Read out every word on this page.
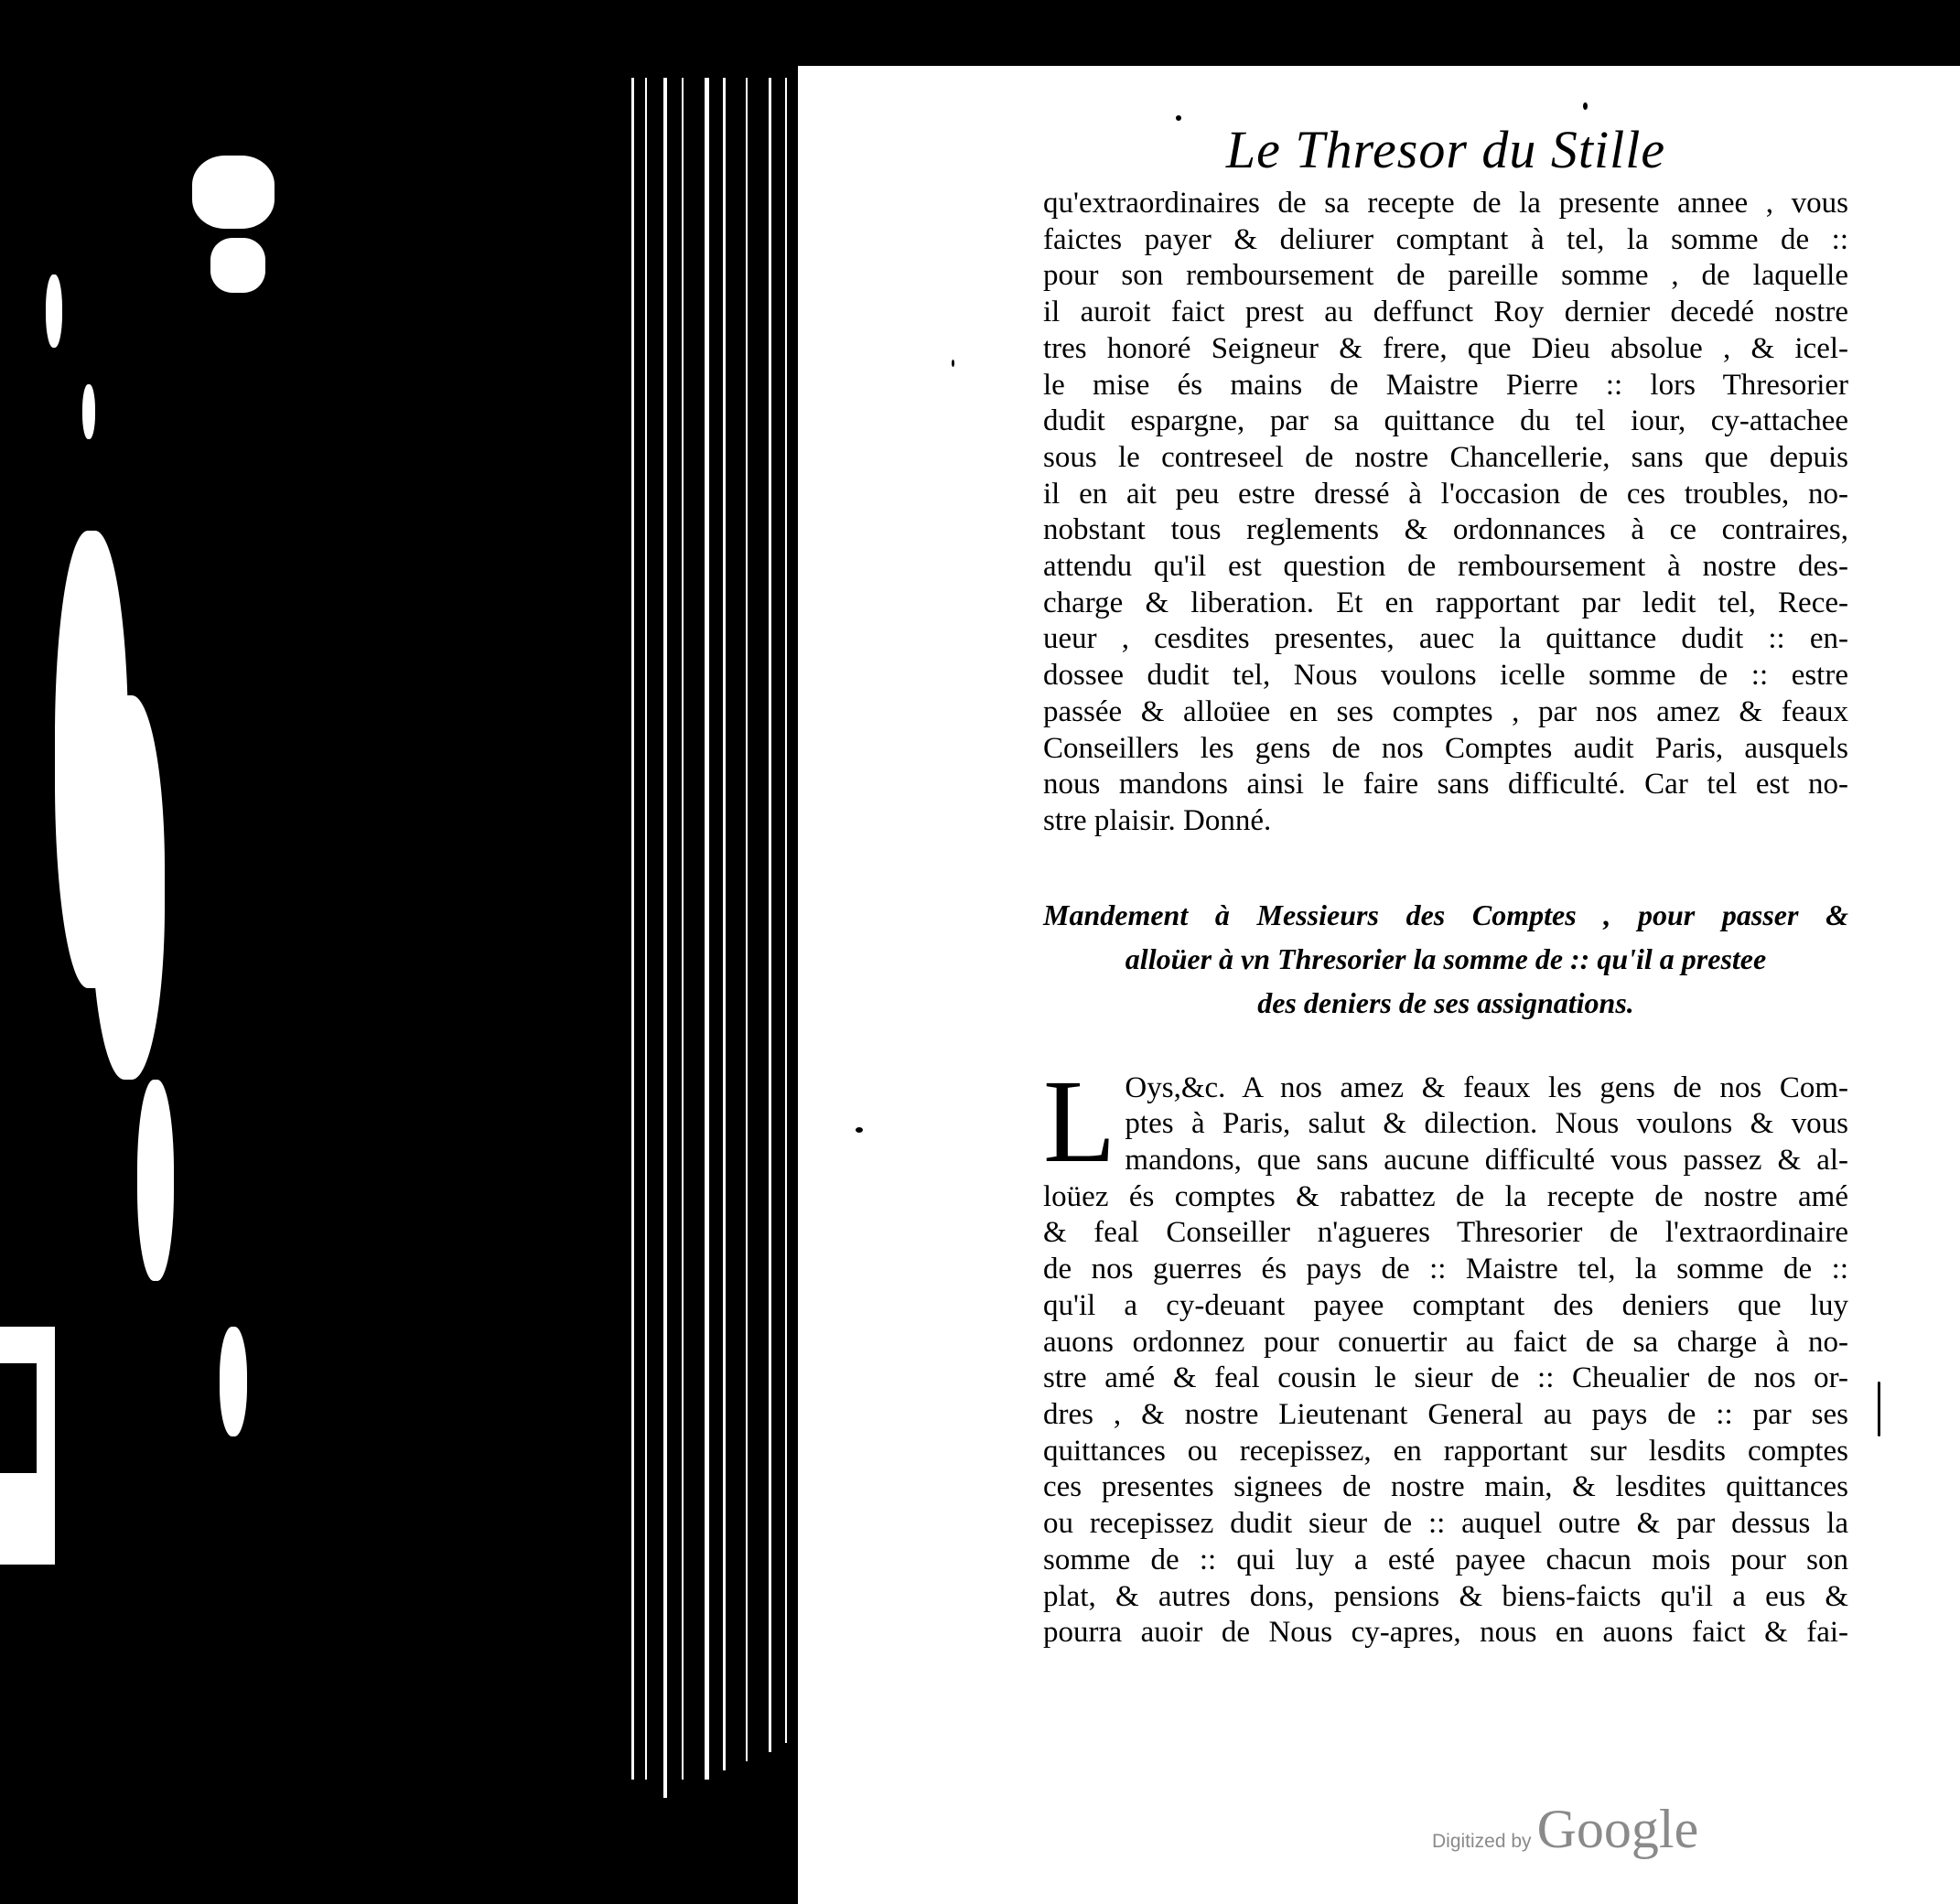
Le Thresor du Stille
qu'extraordinaires de sa recepte de la presente annee , vous
faictes payer & deliurer comptant à tel, la somme de ::
pour son remboursement de pareille somme , de laquelle
il auroit faict prest au deffunct Roy dernier decedé nostre
tres honoré Seigneur & frere, que Dieu absolue , & icel-
le mise és mains de Maistre Pierre :: lors Thresorier
dudit espargne, par sa quittance du tel iour, cy-attachee
sous le contreseel de nostre Chancellerie, sans que depuis
il en ait peu estre dressé à l'occasion de ces troubles, no-
nobstant tous reglements & ordonnances à ce contraires,
attendu qu'il est question de remboursement à nostre des-
charge & liberation. Et en rapportant par ledit tel, Rece-
ueur , cesdites presentes, auec la quittance dudit :: en-
dossee dudit tel, Nous voulons icelle somme de :: estre
passée & alloüee en ses comptes , par nos amez & feaux
Conseillers les gens de nos Comptes audit Paris, ausquels
nous mandons ainsi le faire sans difficulté. Car tel est no-
stre plaisir. Donné.
Mandement à Messieurs des Comptes , pour passer &
alloüer à vn Thresorier la somme de :: qu'il a prestee
des deniers de ses assignations.
L Oys,&c. A nos amez & feaux les gens de nos Com-
ptes à Paris, salut & dilection. Nous voulons & vous
mandons, que sans aucune difficulté vous passez & al-
loüez és comptes & rabattez de la recepte de nostre amé
& feal Conseiller n'agueres Thresorier de l'extraordinaire
de nos guerres és pays de :: Maistre tel, la somme de ::
qu'il a cy-deuant payee comptant des deniers que luy
auons ordonnez pour conuertir au faict de sa charge à no-
stre amé & feal cousin le sieur de :: Cheualier de nos or-
dres , & nostre Lieutenant General au pays de :: par ses
quittances ou recepissez, en rapportant sur lesdits comptes
ces presentes signees de nostre main, & lesdites quittances
ou recepissez dudit sieur de :: auquel outre & par dessus la
somme de :: qui luy a esté payee chacun mois pour son
plat, & autres dons, pensions & biens-faicts qu'il a eus &
pourra auoir de Nous cy-apres, nous en auons faict & fai-
Digitized by Google
